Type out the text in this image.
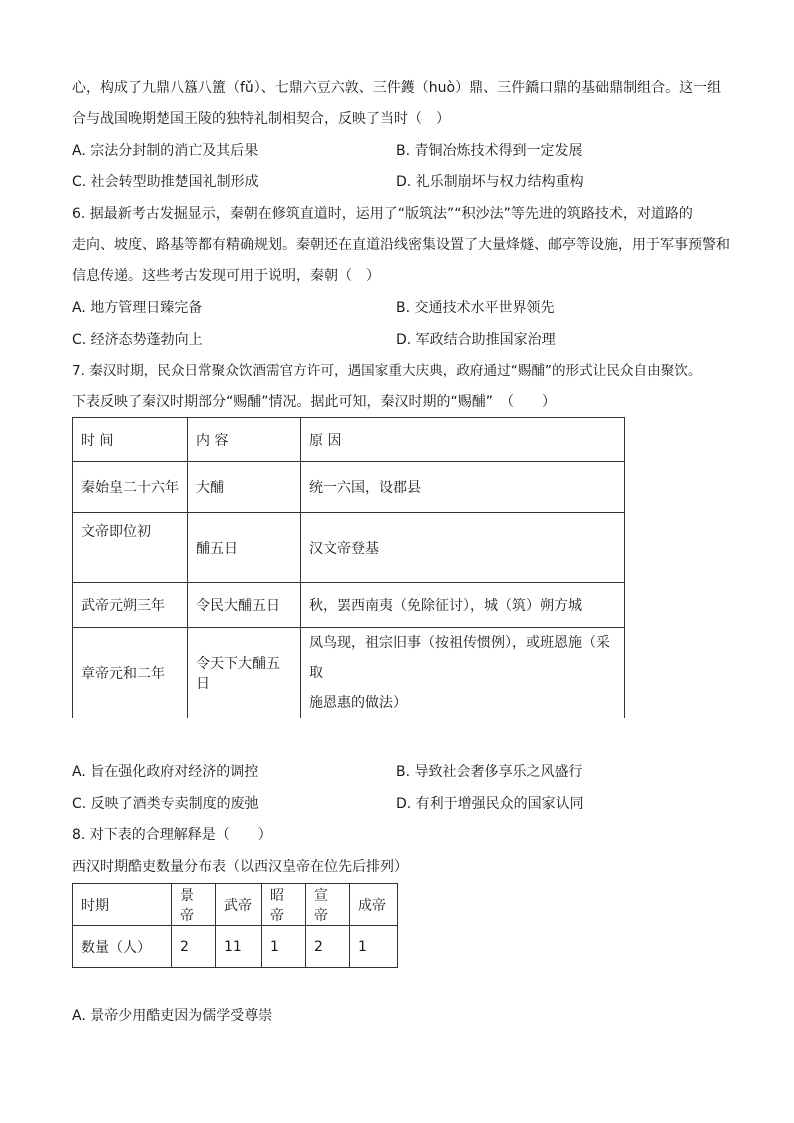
心，构成了九鼎八簋八簠（fǔ）、七鼎六豆六敦、三件鑊（huò）鼎、三件鐈口鼎的基础鼎制组合。这一组
合与战国晚期楚国王陵的独特礼制相契合，反映了当时（　）
A. 宗法分封制的消亡及其后果	B. 青铜冶炼技术得到一定发展
C. 社会转型助推楚国礼制形成	D. 礼乐制崩坏与权力结构重构
6. 据最新考古发掘显示，秦朝在修筑直道时，运用了“版筑法”“积沙法”等先进的筑路技术，对道路的
走向、坡度、路基等都有精确规划。秦朝还在直道沿线密集设置了大量烽燧、邮亭等设施，用于军事预警和
信息传递。这些考古发现可用于说明，秦朝（　）
A. 地方管理日臻完备	B. 交通技术水平世界领先
C. 经济态势蓬勃向上	D. 军政结合助推国家治理
7. 秦汉时期，民众日常聚众饮酒需官方许可，遇国家重大庆典，政府通过“赐酺”的形式让民众自由聚饮。
下表反映了秦汉时期部分“赐酺”情况。据此可知，秦汉时期的“赐酺”　（　　）
时 间	内 容	原 因
秦始皇二十六年	大酺	统一六国，设郡县
文帝即位初	酺五日	汉文帝登基
武帝元朔三年	令民大酺五日	秋，罢西南夷（免除征讨），城（筑）朔方城
章帝元和二年	令天下大酺五日	凤鸟现，祖宗旧事（按祖传惯例），或班恩施（采取
施恩惠的做法）
A. 旨在强化政府对经济的调控	B. 导致社会奢侈享乐之风盛行
C. 反映了酒类专卖制度的废弛	D. 有利于增强民众的国家认同
8. 对下表的合理解释是（　　）
西汉时期酷吏数量分布表（以西汉皇帝在位先后排列）
时期	景帝	武帝	昭帝	宣帝	成帝
数量（人）	2	11	1	2	1
A. 景帝少用酷吏因为儒学受尊崇
